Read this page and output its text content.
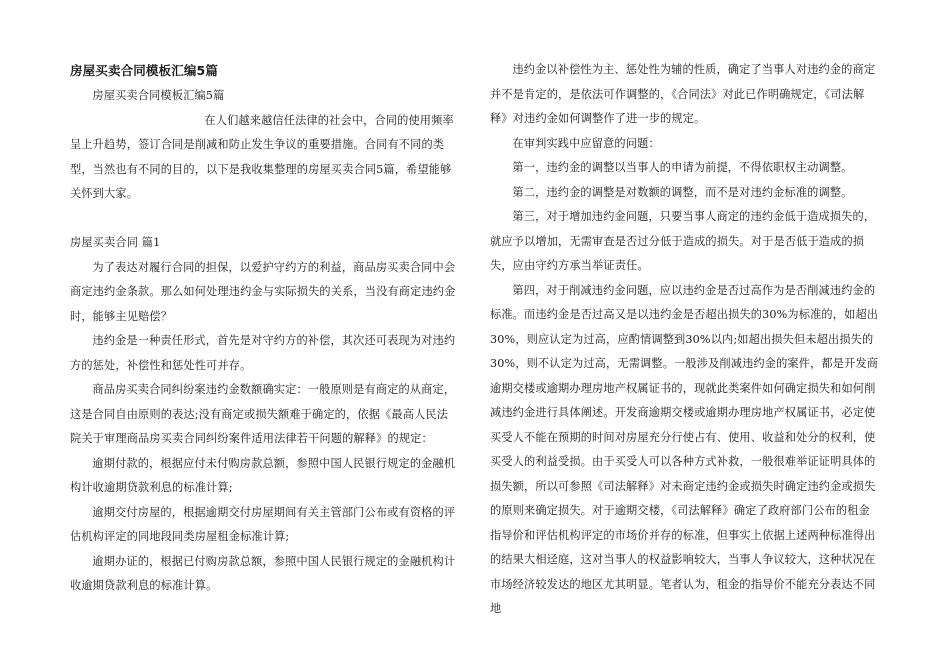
房屋买卖合同模板汇编5篇

房屋买卖合同模板汇编5篇

在人们越来越信任法律的社会中，合同的使用频率呈上升趋势，签订合同是削减和防止发生争议的重要措施。合同有不同的类型，当然也有不同的目的，以下是我收集整理的房屋买卖合同5篇，希望能够关怀到大家。

房屋买卖合同 篇1

为了表达对履行合同的担保，以爱护守约方的利益，商品房买卖合同中会商定违约金条款。那么如何处理违约金与实际损失的关系，当没有商定违约金时，能够主见赔偿？

违约金是一种责任形式，首先是对守约方的补偿，其次还可表现为对违约方的惩处，补偿性和惩处性可并存。

商品房买卖合同纠纷案违约金数额确实定：一般原则是有商定的从商定，这是合同自由原则的表达;没有商定或损失额难于确定的，依据《最高人民法院关于审理商品房买卖合同纠纷案件适用法律若干问题的解释》的规定：

逾期付款的，根据应付未付购房款总额，参照中国人民银行规定的金融机构计收逾期贷款利息的标准计算;

逾期交付房屋的，根据逾期交付房屋期间有关主管部门公布或有资格的评估机构评定的同地段同类房屋租金标准计算;

逾期办证的，根据已付购房款总额，参照中国人民银行规定的金融机构计收逾期贷款利息的标准计算。

违约金以补偿性为主、惩处性为辅的性质，确定了当事人对违约金的商定并不是肯定的，是依法可作调整的，《合同法》对此已作明确规定，《司法解释》对违约金如何调整作了进一步的规定。

在审判实践中应留意的问题：

第一，违约金的调整以当事人的申请为前提，不得依职权主动调整。

第二，违约金的调整是对数额的调整，而不是对违约金标准的调整。

第三，对于增加违约金问题，只要当事人商定的违约金低于造成损失的，就应予以增加，无需审查是否过分低于造成的损失。对于是否低于造成的损失，应由守约方承当举证责任。

第四，对于削减违约金问题，应以违约金是否过高作为是否削减违约金的标准。而违约金是否过高又是以违约金是否超出损失的30%为标准的，如超出30%，则应认定为过高，应酌情调整到30%以内;如超出损失但未超出损失的30%，则不认定为过高，无需调整。一般涉及削减违约金的案件，都是开发商逾期交楼或逾期办理房地产权属证书的，现就此类案件如何确定损失和如何削减违约金进行具体阐述。开发商逾期交楼或逾期办理房地产权属证书，必定使买受人不能在预期的时间对房屋充分行使占有、使用、收益和处分的权利，使买受人的利益受损。由于买受人可以各种方式补救，一般很难举证证明具体的损失额，所以可参照《司法解释》对未商定违约金或损失时确定违约金或损失的原则来确定损失。对于逾期交楼，《司法解释》确定了政府部门公布的租金指导价和评估机构评定的市场价并存的标准，但事实上依据上述两种标准得出的结果大相迳庭，这对当事人的权益影响较大，当事人争议较大，这种状况在市场经济较发达的地区尤其明显。笔者认为，租金的指导价不能充分表达不同地
